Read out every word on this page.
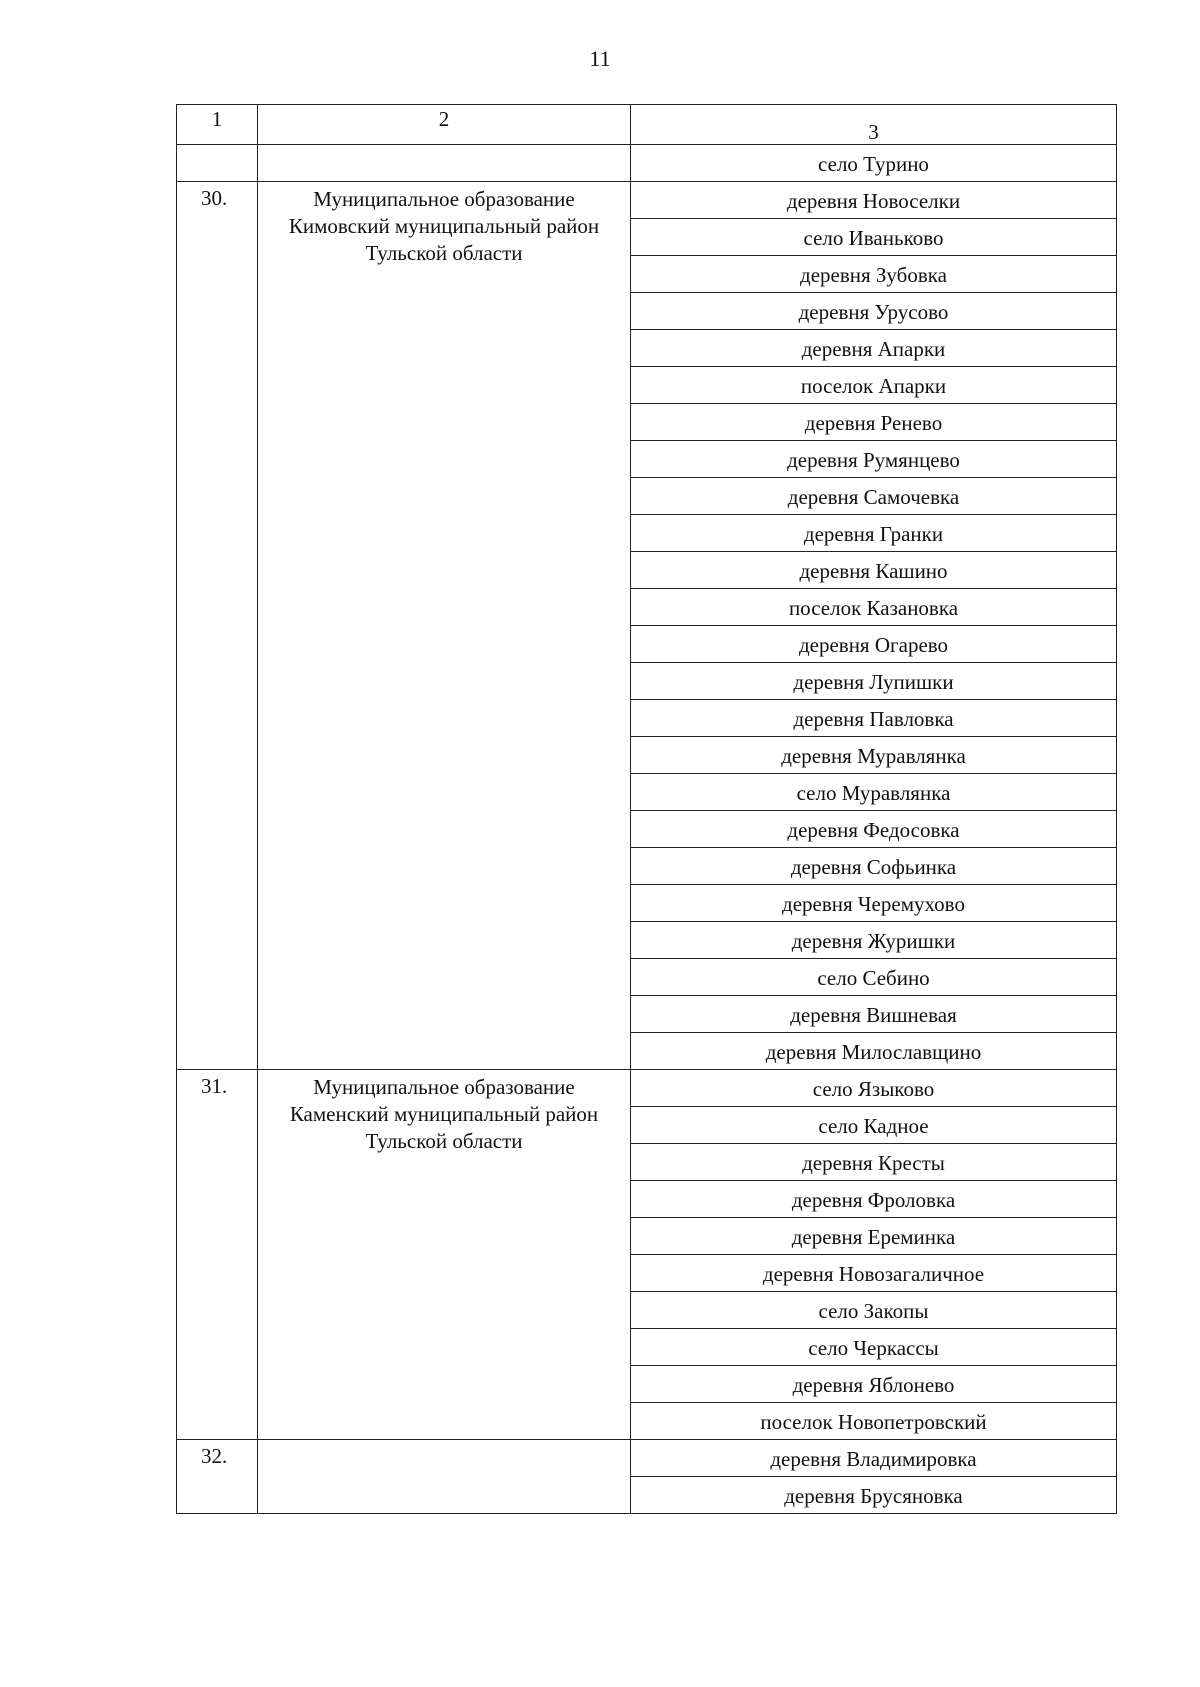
11
1	2	3
		село Турино
30.	Муниципальное образование Кимовский муниципальный район Тульской области	деревня Новоселки
		село Иваньково
		деревня Зубовка
		деревня Урусово
		деревня Апарки
		поселок Апарки
		деревня Ренево
		деревня Румянцево
		деревня Самочевка
		деревня Гранки
		деревня Кашино
		поселок Казановка
		деревня Огарево
		деревня Лупишки
		деревня Павловка
		деревня Муравлянка
		село Муравлянка
		деревня Федосовка
		деревня Софьинка
		деревня Черемухово
		деревня Журишки
		село Себино
		деревня Вишневая
		деревня Милославщино
31.	Муниципальное образование Каменский муниципальный район Тульской области	село Языково
		село Кадное
		деревня Кресты
		деревня Фроловка
		деревня Ереминка
		деревня Новозагаличное
		село Закопы
		село Черкассы
		деревня Яблонево
		поселок Новопетровский
32.		деревня Владимировка
		деревня Брусяновка
